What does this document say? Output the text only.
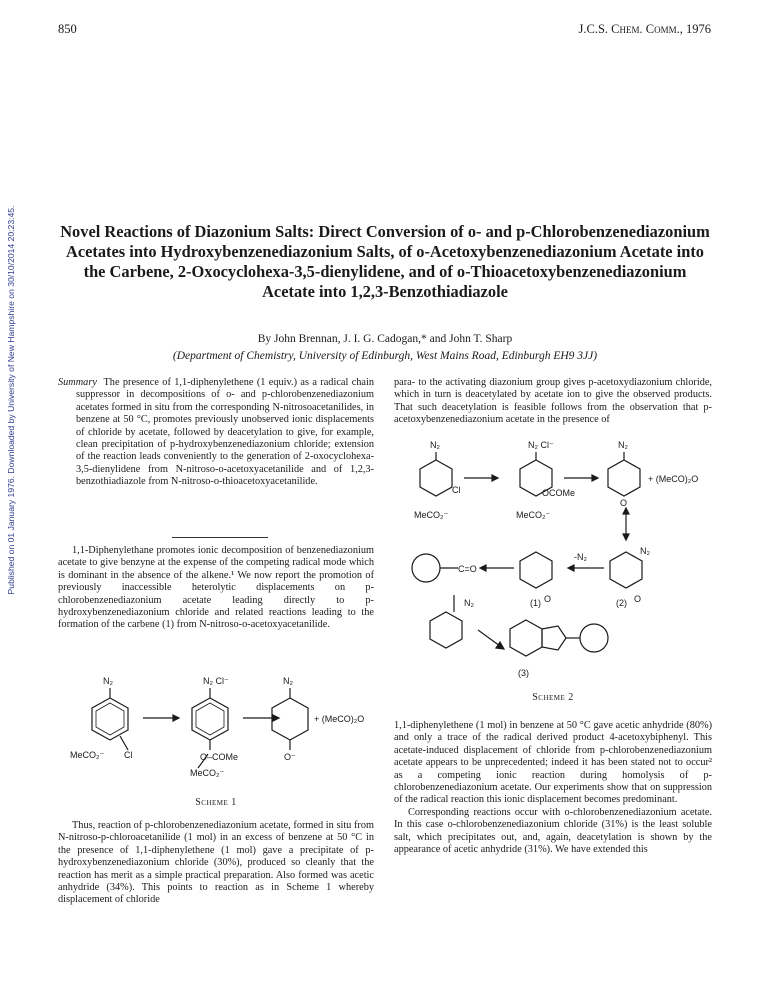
850	J.C.S. Chem. Comm., 1976
Published on 01 January 1976. Downloaded by University of New Hampshire on 30/10/2014 20:23:45.	Novel Reactions of Diazonium Salts: Direct Conversion of o- and p-Chlorobenzenediazonium Acetates into Hydroxybenzenediazonium Salts, of o-Acetoxybenzenediazonium Acetate into the Carbene, 2-Oxocyclohexa-3,5-dienylidene, and of o-Thioacetoxybenzenediazonium Acetate into 1,2,3-Benzothiadiazole
By John Brennan, J. I. G. Cadogan,* and John T. Sharp
(Department of Chemistry, University of Edinburgh, West Mains Road, Edinburgh EH9 3JJ)

Summary The presence of 1,1-diphenylethene (1 equiv.) as a radical chain suppressor in decompositions of o- and p-chlorobenzenediazonium acetates formed in situ from the corresponding N-nitrosoacetanilides, in benzene at 50 °C, promotes previously unobserved ionic displacements of chloride by acetate, followed by deacetylation to give, for example, clean precipitation of p-hydroxybenzenediazonium chloride; extension of the reaction leads conveniently to the generation of 2-oxocyclohexa-3,5-dienylidene from N-nitroso-o-acetoxyacetanilide and of 1,2,3-benzothiadiazole from N-nitroso-o-thioacetoxyacetanilide.

1,1-Diphenylethane promotes ionic decomposition of benzenediazonium acetate to give benzyne at the expense of the competing radical mode which is dominant in the absence of the alkene.¹ We now report the promotion of previously inaccessible heterolytic displacements on p-chlorobenzenediazonium acetate leading directly to p-hydroxybenzenediazonium chloride and related reactions leading to the formation of the carbene (1) from N-nitroso-o-acetoxyacetanilide.

N₂	N₂ Cl⁻	N₂
MeCO₂⁻ Cl	O–COMe
MeCO₂⁻
O⁻
+ (MeCO)₂O
Scheme 1

Thus, reaction of p-chlorobenzenediazonium acetate, formed in situ from N-nitroso-p-chloroacetanilide (1 mol) in an excess of benzene at 50 °C in the presence of 1,1-diphenylethene (1 mol) gave a precipitate of p-hydroxybenzenediazonium chloride (30%), produced so cleanly that the reaction has merit as a simple practical preparation. Also formed was acetic anhydride (34%). This points to reaction as in Scheme 1 whereby displacement of chloride

para- to the activating diazonium group gives p-acetoxydiazonium chloride, which in turn is deacetylated by acetate ion to give the observed products. That such deacetylation is feasible follows from the observation that p-acetoxybenzenediazonium acetate in the presence of

N₂
Cl
MeCO₂⁻
N₂ Cl⁻
OCOMe
MeCO₂⁻
N₂
O
+ (MeCO)₂O
C=O
-N₂
O
N₂
O
N₂	(1)	(2)
(3)
Scheme 2

1,1-diphenylethene (1 mol) in benzene at 50 °C gave acetic anhydride (80%) and only a trace of the radical derived product 4-acetoxybiphenyl. This acetate-induced displacement of chloride from p-chlorobenzenediazonium acetate appears to be unprecedented; indeed it has been stated not to occur² as a competing ionic reaction during homolysis of p-chlorobenzenediazonium acetate. Our experiments show that on suppression of the radical reaction this ionic displacement becomes predominant.

Corresponding reactions occur with o-chlorobenzenediazonium acetate. In this case o-chlorobenzenediazonium chloride (31%) is the least soluble salt, which precipitates out, and, again, deacetylation is shown by the appearance of acetic anhydride (31%). We have extended this
